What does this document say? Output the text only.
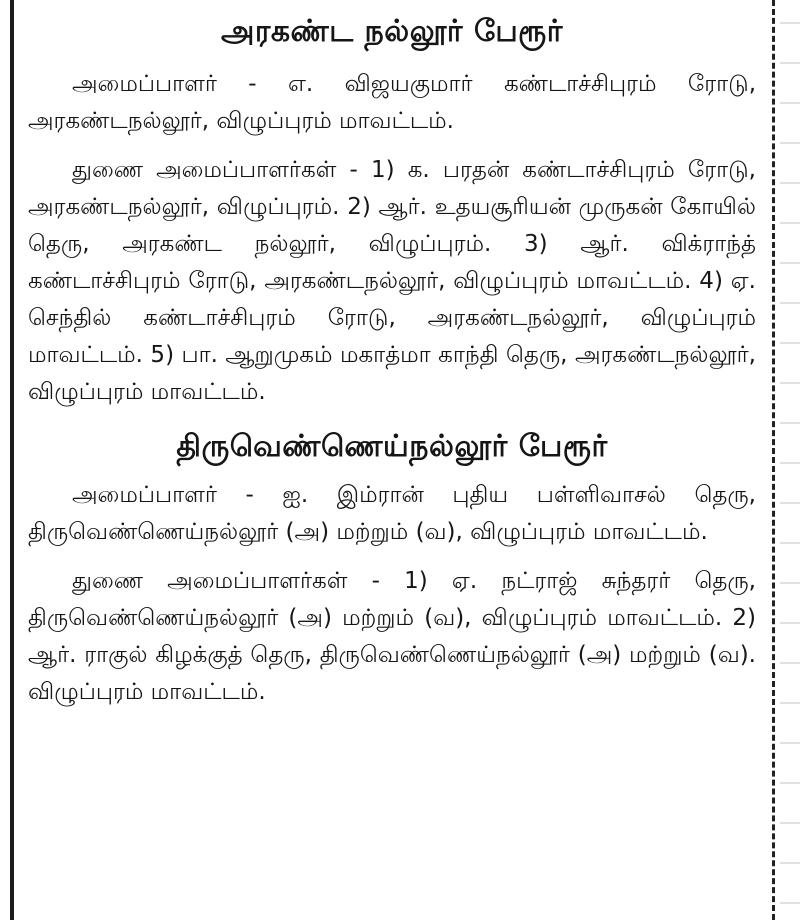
அரகண்ட நல்லூர் பேரூர்

அமைப்பாளர் - எ. விஜயகுமார் கண்டாச்சிபுரம் ரோடு, அரகண்டநல்லூர், விழுப்புரம் மாவட்டம்.

துணை அமைப்பாளர்கள் - 1) க. பரதன் கண்டாச்சிபுரம் ரோடு, அரகண்டநல்லூர், விழுப்புரம். 2) ஆர். உதயசூரியன் முருகன் கோயில் தெரு, அரகண்ட நல்லூர், விழுப்புரம். 3) ஆர். விக்ராந்த் கண்டாச்சிபுரம் ரோடு, அரகண்டநல்லூர், விழுப்புரம் மாவட்டம். 4) ஏ. செந்தில் கண்டாச்சிபுரம் ரோடு, அரகண்டநல்லூர், விழுப்புரம் மாவட்டம். 5) பா. ஆறுமுகம் மகாத்மா காந்தி தெரு, அரகண்டநல்லூர், விழுப்புரம் மாவட்டம்.

திருவெண்ணெய்நல்லூர் பேரூர்

அமைப்பாளர் - ஐ. இம்ரான் புதிய பள்ளிவாசல் தெரு, திருவெண்ணெய்நல்லூர் (அ) மற்றும் (வ), விழுப்புரம் மாவட்டம்.

துணை அமைப்பாளர்கள் - 1) ஏ. நட்ராஜ் சுந்தரர் தெரு, திருவெண்ணெய்நல்லூர் (அ) மற்றும் (வ), விழுப்புரம் மாவட்டம். 2) ஆர். ராகுல் கிழக்குத் தெரு, திருவெண்ணெய்நல்லூர் (அ) மற்றும் (வ). விழுப்புரம் மாவட்டம்.
